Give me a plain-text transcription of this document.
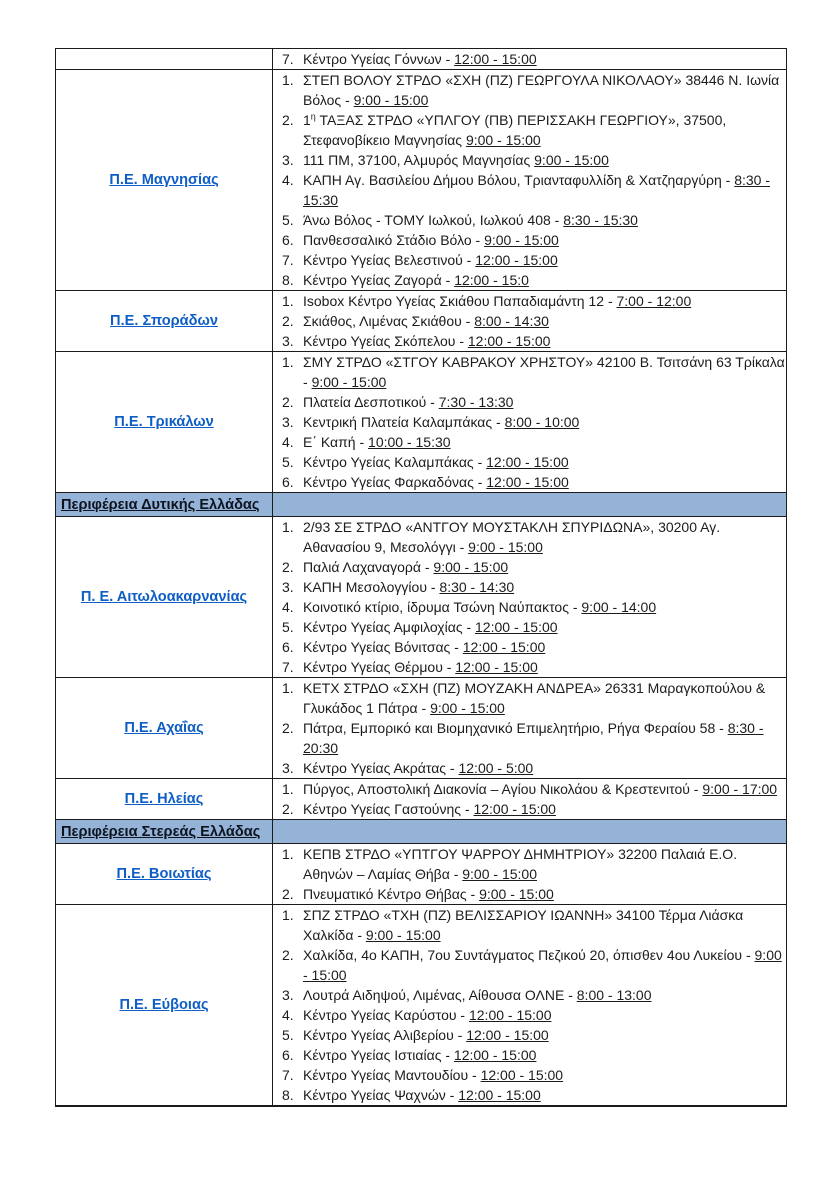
	7. Κέντρο Υγείας Γόννων - 12:00 - 15:00

Π.Ε. Μαγνησίας	
1. ΣΤΕΠ ΒΟΛΟΥ ΣΤΡΔΟ «ΣΧΗ (ΠΖ) ΓΕΩΡΓΟΥΛΑ ΝΙΚΟΛΑΟΥ» 38446 Ν. Ιωνία Βόλος - 9:00 - 15:00
2. $1^\eta$ ΤΑΞΑΣ ΣΤΡΔΟ «ΥΠΛΓΟΥ (ΠΒ) ΠΕΡΙΣΣΑΚΗ ΓΕΩΡΓΙΟΥ», 37500, Στεφανοβίκειο Μαγνησίας 9:00 - 15:00
3. 111 ΠΜ, 37100, Αλμυρός Μαγνησίας 9:00 - 15:00
4. ΚΑΠΗ Αγ. Βασιλείου Δήμου Βόλου, Τριανταφυλλίδη & Χατζηαργύρη - 8:30 - 15:30
5. Άνω Βόλος - ΤΟΜΥ Ιωλκού, Ιωλκού 408 - 8:30 - 15:30
6. Πανθεσσαλικό Στάδιο Βόλο - 9:00 - 15:00
7. Κέντρο Υγείας Βελεστινού - 12:00 - 15:00
8. Κέντρο Υγείας Ζαγορά - 12:00 - 15:0

Π.Ε. Σποράδων	
1. Isobox Κέντρο Υγείας Σκιάθου Παπαδιαμάντη 12 - 7:00 - 12:00
2. Σκιάθος, Λιμένας Σκιάθου - 8:00 - 14:30
3. Κέντρο Υγείας Σκόπελου - 12:00 - 15:00

Π.Ε. Τρικάλων	
1. ΣΜΥ ΣΤΡΔΟ «ΣΤΓΟΥ ΚΑΒΡΑΚΟΥ ΧΡΗΣΤΟΥ» 42100 Β. Τσιτσάνη 63 Τρίκαλα - 9:00 - 15:00
2. Πλατεία Δεσποτικού - 7:30 - 13:30
3. Κεντρική Πλατεία Καλαμπάκας - 8:00 - 10:00
4. Ε΄ Καπή - 10:00 - 15:30
5. Κέντρο Υγείας Καλαμπάκας - 12:00 - 15:00
6. Κέντρο Υγείας Φαρκαδόνας - 12:00 - 15:00

Περιφέρεια Δυτικής Ελλάδας	
Π. Ε. Αιτωλοακαρνανίας	
1. 2/93 ΣΕ ΣΤΡΔΟ «ΑΝΤΓΟΥ ΜΟΥΣΤΑΚΛΗ ΣΠΥΡΙΔΩΝΑ», 30200 Αγ. Αθανασίου 9, Μεσολόγγι - 9:00 - 15:00
2. Παλιά Λαχαναγορά - 9:00 - 15:00
3. ΚΑΠΗ Μεσολογγίου - 8:30 - 14:30
4. Κοινοτικό κτίριο, ίδρυμα Τσώνη Ναύπακτος - 9:00 - 14:00
5. Κέντρο Υγείας Αμφιλοχίας - 12:00 - 15:00
6. Κέντρο Υγείας Βόνιτσας - 12:00 - 15:00
7. Κέντρο Υγείας Θέρμου - 12:00 - 15:00

Π.Ε. Αχαΐας	
1. ΚΕΤΧ ΣΤΡΔΟ «ΣΧΗ (ΠΖ) ΜΟΥΖΑΚΗ ΑΝΔΡΕΑ» 26331 Μαραγκοπούλου & Γλυκάδος 1 Πάτρα - 9:00 - 15:00
2. Πάτρα, Εμπορικό και Βιομηχανικό Επιμελητήριο, Ρήγα Φεραίου 58 - 8:30 - 20:30
3. Κέντρο Υγείας Ακράτας - 12:00 - 5:00

Π.Ε. Ηλείας	1. Πύργος, Αποστολική Διακονία – Αγίου Νικολάου & Κρεστενιτού - 9:00 - 17:00
2. Κέντρο Υγείας Γαστούνης - 12:00 - 15:00

Περιφέρεια Στερεάς Ελλάδας	
Π.Ε. Βοιωτίας	1. ΚΕΠΒ ΣΤΡΔΟ «ΥΠΤΓΟΥ ΨΑΡΡΟΥ ΔΗΜΗΤΡΙΟΥ» 32200 Παλαιά Ε.Ο. Αθηνών – Λαμίας Θήβα - 9:00 - 15:00
2. Πνευματικό Κέντρο Θήβας - 9:00 - 15:00

Π.Ε. Εύβοιας	
1. ΣΠΖ ΣΤΡΔΟ «ΤΧΗ (ΠΖ) ΒΕΛΙΣΣΑΡΙΟΥ ΙΩΑΝΝΗ» 34100 Τέρμα Λιάσκα Χαλκίδα - 9:00 - 15:00
2. Χαλκίδα, 4ο ΚΑΠΗ, 7ου Συντάγματος Πεζικού 20, όπισθεν 4ου Λυκείου - 9:00 - 15:00
3. Λουτρά Αιδηψού, Λιμένας, Αίθουσα ΟΛΝΕ - 8:00 - 13:00
4. Κέντρο Υγείας Καρύστου - 12:00 - 15:00
5. Κέντρο Υγείας Αλιβερίου - 12:00 - 15:00
6. Κέντρο Υγείας Ιστιαίας - 12:00 - 15:00
7. Κέντρο Υγείας Μαντουδίου - 12:00 - 15:00
8. Κέντρο Υγείας Ψαχνών - 12:00 - 15:00
